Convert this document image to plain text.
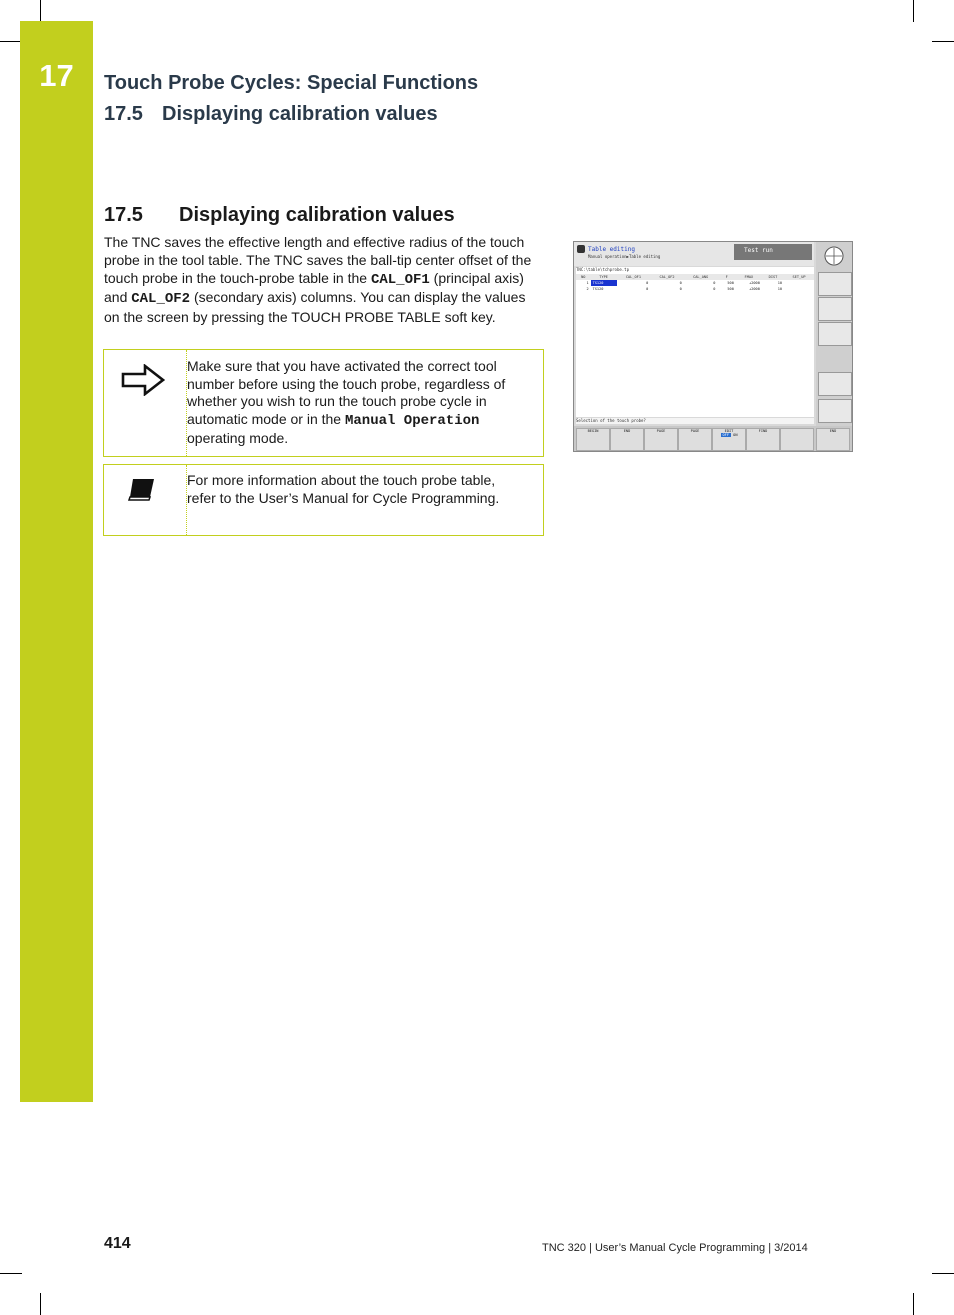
17	Touch Probe Cycles: Special Functions
17.5 Displaying calibration values
17.5 Displaying calibration values
The TNC saves the effective length and effective radius of the touch probe in the tool table. The TNC saves the ball-tip center offset of the touch probe in the touch-probe table in the CAL_OF1 (principal axis) and CAL_OF2 (secondary axis) columns. You can display the values on the screen by pressing the TOUCH PROBE TABLE soft key.
Make sure that you have activated the correct tool number before using the touch probe, regardless of whether you wish to run the touch probe cycle in automatic mode or in the Manual Operation operating mode.
For more information about the touch probe table, refer to the User’s Manual for Cycle Programming.
Table editing
Manual operation▶Table editing
Test run
TNC:\table\tchprobe.tp
NO	TYPE	CAL_OF1	CAL_OF2	CAL_ANG	F	FMAX	DIST	SET_UP
1	TS120	0	0	0	500	+2000	10	
2	TS120	0	0	0	500	+2000	10	
Selection of the touch probe?
BEGIN	END	PAGE	PAGE	EDIT
OFF ON
FIND	END
414	TNC 320 | User’s Manual Cycle Programming | 3/2014
